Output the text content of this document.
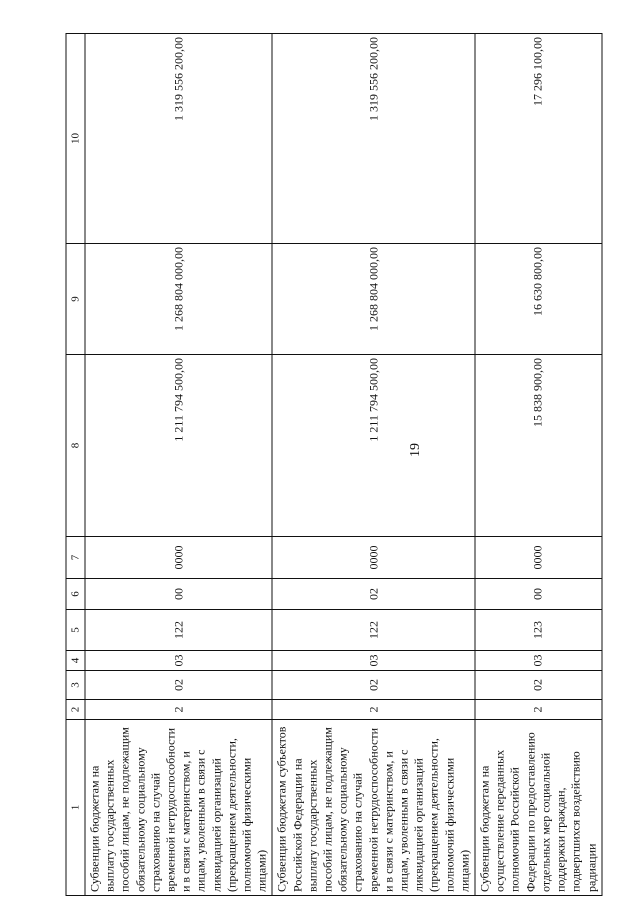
19
1	2	3	4	5	6	7	8	9	10
Субвенции бюджетам на выплату государственных пособий лицам, не подлежащим обязательному социальному страхованию на случай временной нетрудоспособности и в связи с материнством, и лицам, уволенным в связи с ликвидацией организаций (прекращением деятельности, полномочий физическими лицами)	2	02	03	122	00	0000	1 211 794 500,00	1 268 804 000,00	1 319 556 200,00
Субвенции бюджетам субъектов Российской Федерации на выплату государственных пособий лицам, не подлежащим обязательному социальному страхованию на случай временной нетрудоспособности и в связи с материнством, и лицам, уволенным в связи с ликвидацией организаций (прекращением деятельности, полномочий физическими лицами)	2	02	03	122	02	0000	1 211 794 500,00	1 268 804 000,00	1 319 556 200,00
Субвенции бюджетам на осуществление переданных полномочий Российской Федерации по предоставлению отдельных мер социальной поддержки граждан, подвергшихся воздействию радиации	2	02	03	123	00	0000	15 838 900,00	16 630 800,00	17 296 100,00
